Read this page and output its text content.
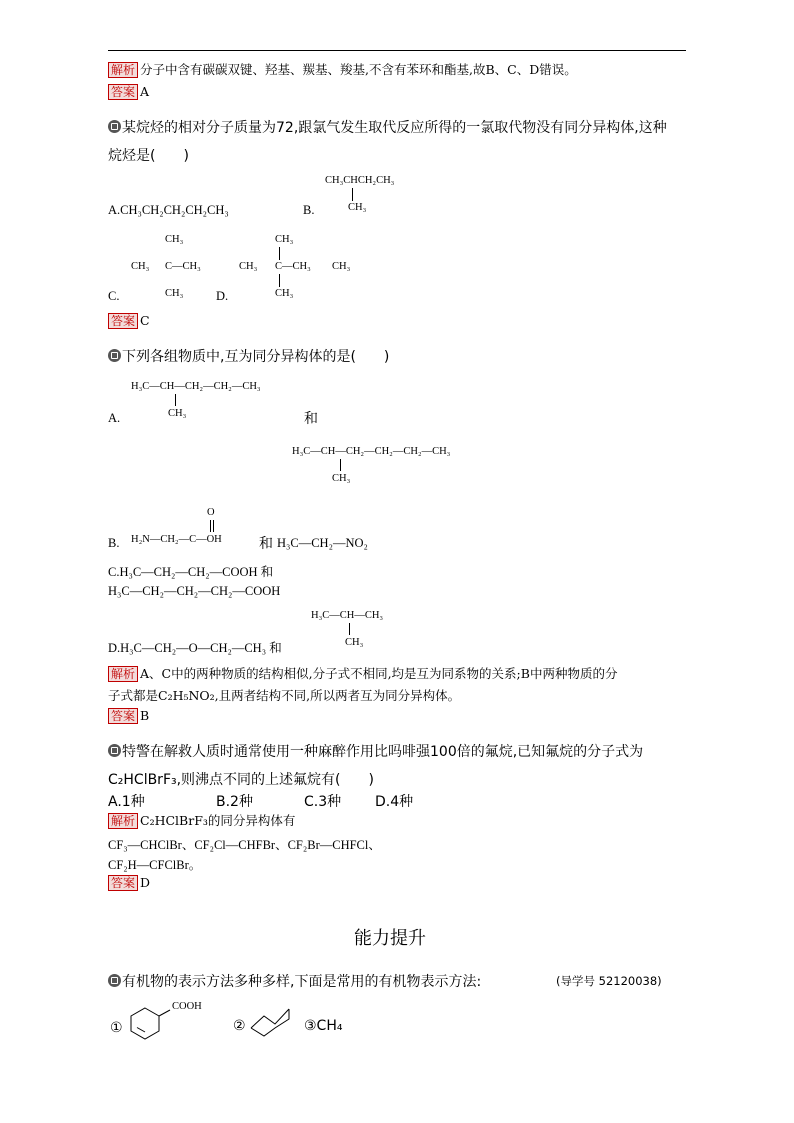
解析 分子中含有碳碳双键、羟基、羰基、羧基,不含有苯环和酯基,故B、C、D错误。
答案 A
某烷烃的相对分子质量为72,跟氯气发生取代反应所得的一氯取代物没有同分异构体,这种
烷烃是(　　)
A.CH₃CH₂CH₂CH₂CH₃	B.
CH₃CHCH₂CH₃
CH₃
CH₃
CH₃ C—CH₃
CH₃
C.	D.
CH₃
CH₃ C—CH₃ CH₃
CH₃
答案 C
下列各组物质中,互为同分异构体的是(　　)
H₃C—CH—CH₂—CH₂—CH₃
CH₃
A.	和
H₃C—CH—CH₂—CH₂—CH₂—CH₃
CH₃
O
B. H₂N—CH₂—C—OH	和 H₃C—CH₂—NO₂
C.H₃C—CH₂—CH₂—COOH 和
H₃C—CH₂—CH₂—CH₂—COOH
H₃C—CH—CH₃
CH₃
D.H₃C—CH₂—O—CH₂—CH₃ 和
解析 A、C中的两种物质的结构相似,分子式不相同,均是互为同系物的关系;B中两种物质的分
子式都是C₂H₅NO₂,且两者结构不同,所以两者互为同分异构体。
答案 B
特警在解救人质时通常使用一种麻醉作用比吗啡强100倍的氟烷,已知氟烷的分子式为
C₂HClBrF₃,则沸点不同的上述氟烷有(　　)
A.1种	B.2种	C.3种 D.4种
解析 C₂HClBrF₃的同分异构体有
CF₃—CHClBr、CF₂Cl—CHFBr、CF₂Br—CHFCl、
CF₂H—CFClBr。
答案 D
能力提升
有机物的表示方法多种多样,下面是常用的有机物表示方法:	(导学号 52120038)
①
COOH
②	③CH₄
